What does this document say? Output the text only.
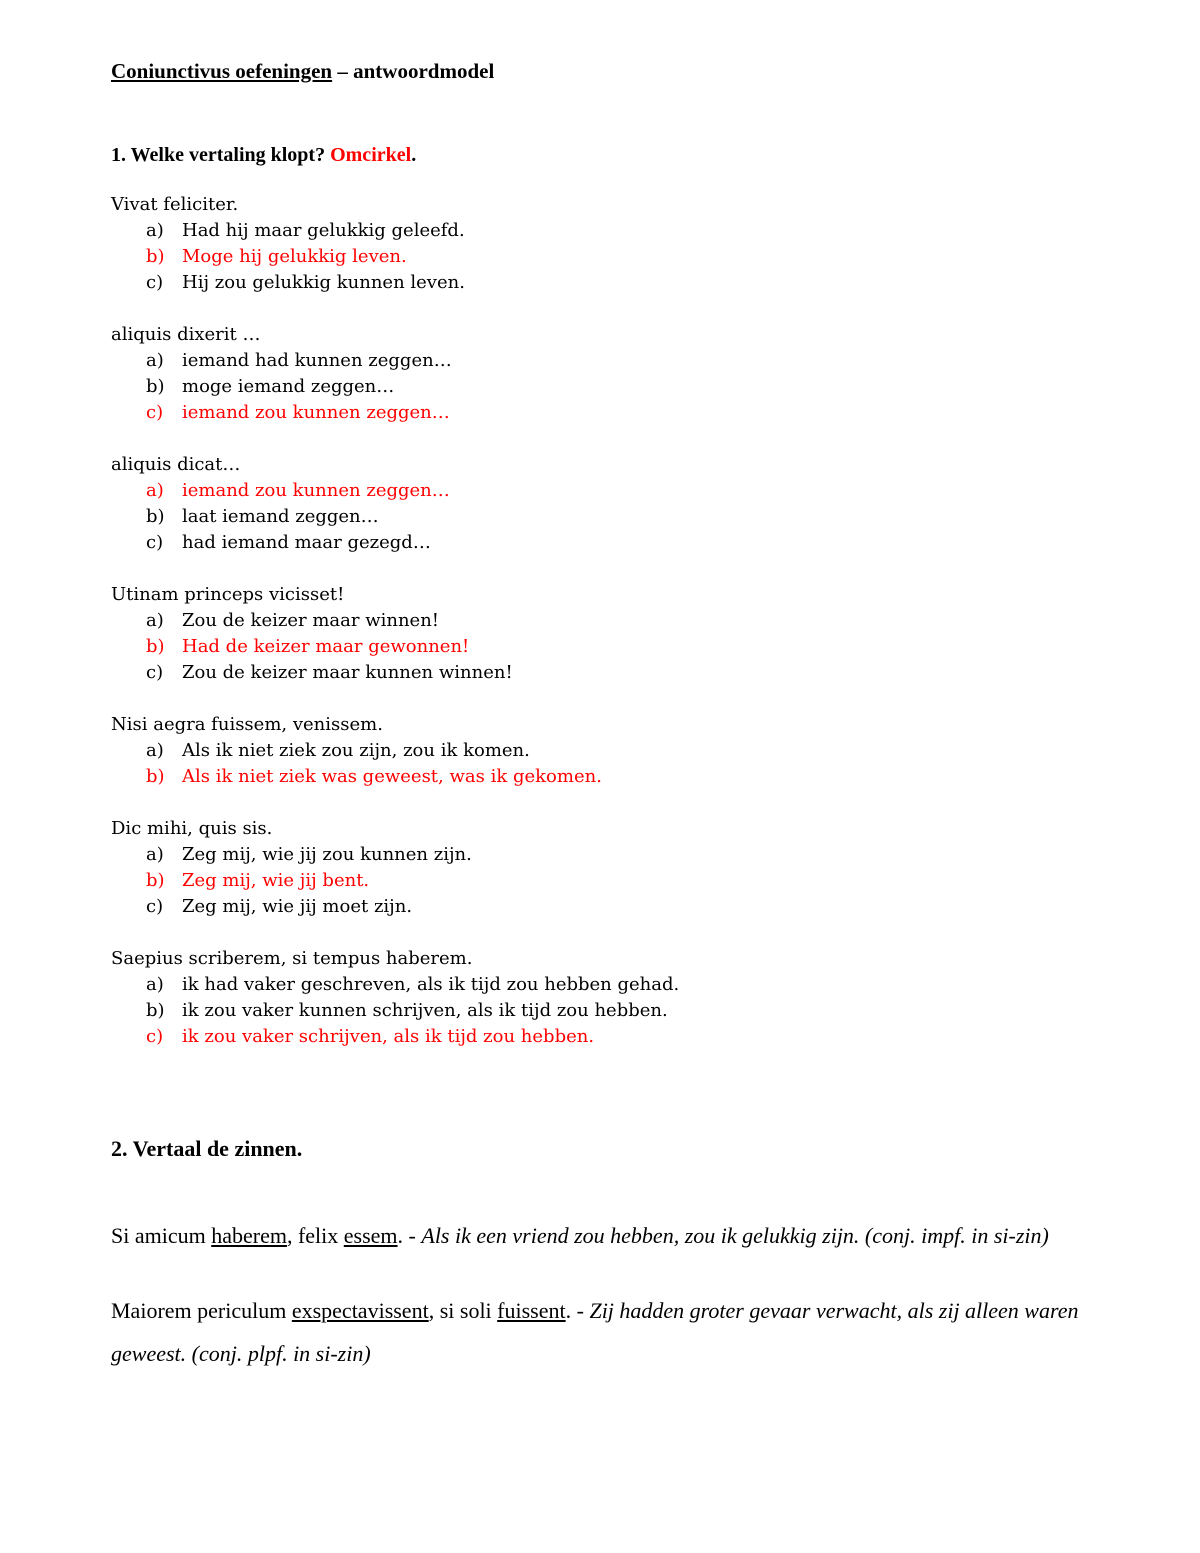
Coniunctivus oefeningen – antwoordmodel
1. Welke vertaling klopt? Omcirkel.
Vivat feliciter.
a) Had hij maar gelukkig geleefd.
b) Moge hij gelukkig leven.
c) Hij zou gelukkig kunnen leven.
aliquis dixerit …
a) iemand had kunnen zeggen…
b) moge iemand zeggen…
c) iemand zou kunnen zeggen…
aliquis dicat…
a) iemand zou kunnen zeggen…
b) laat iemand zeggen…
c) had iemand maar gezegd…
Utinam princeps vicisset!
a) Zou de keizer maar winnen!
b) Had de keizer maar gewonnen!
c) Zou de keizer maar kunnen winnen!
Nisi aegra fuissem, venissem.
a) Als ik niet ziek zou zijn, zou ik komen.
b) Als ik niet ziek was geweest, was ik gekomen.
Dic mihi, quis sis.
a) Zeg mij, wie jij zou kunnen zijn.
b) Zeg mij, wie jij bent.
c) Zeg mij, wie jij moet zijn.
Saepius scriberem, si tempus haberem.
a) ik had vaker geschreven, als ik tijd zou hebben gehad.
b) ik zou vaker kunnen schrijven, als ik tijd zou hebben.
c) ik zou vaker schrijven, als ik tijd zou hebben.
2. Vertaal de zinnen.

Si amicum haberem, felix essem. - Als ik een vriend zou hebben, zou ik gelukkig zijn. (conj. impf. in si-zin)

Maiorem periculum exspectavissent, si soli fuissent. - Zij hadden groter gevaar verwacht, als zij alleen waren geweest. (conj. plpf. in si-zin)
